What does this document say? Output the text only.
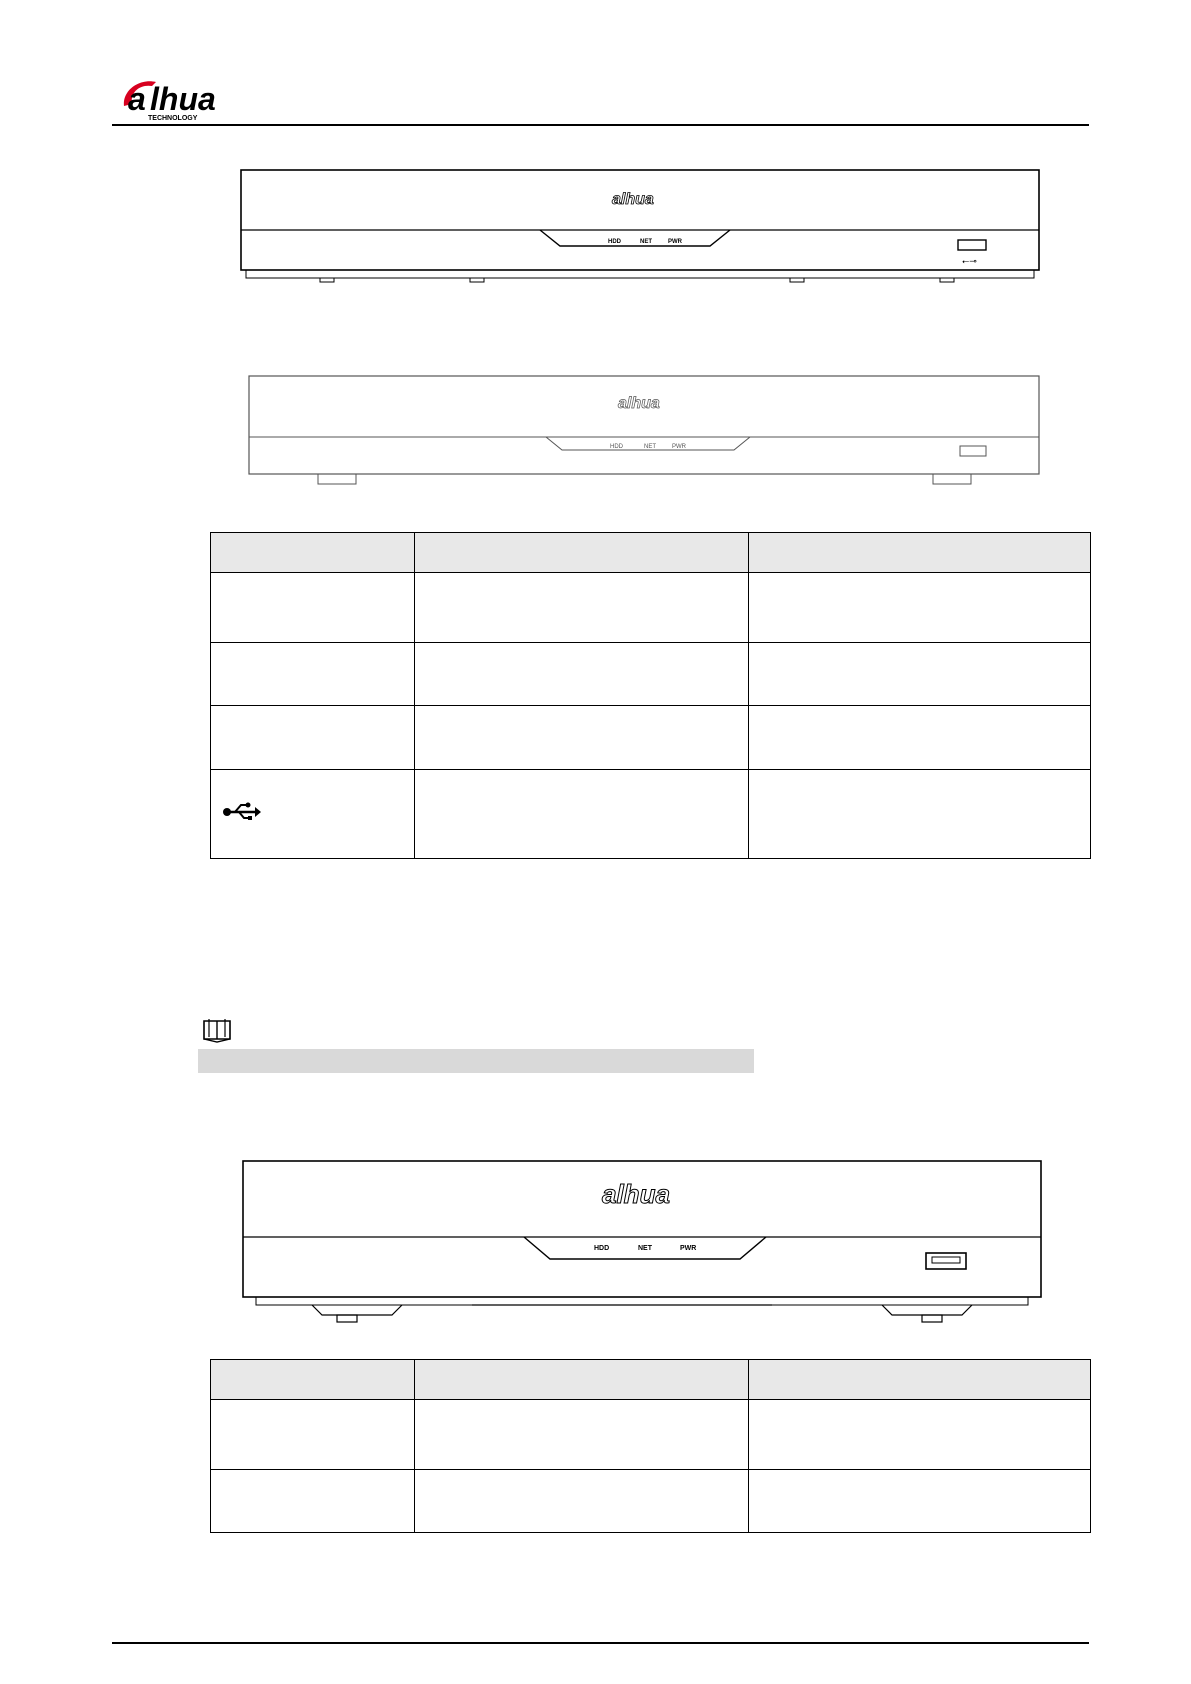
a lhua
TECHNOLOGY
alhua
HDD	NET	PWR
⭠⊸
alhua
HDD	NET	PWR

alhua
HDD	NET	PWR
